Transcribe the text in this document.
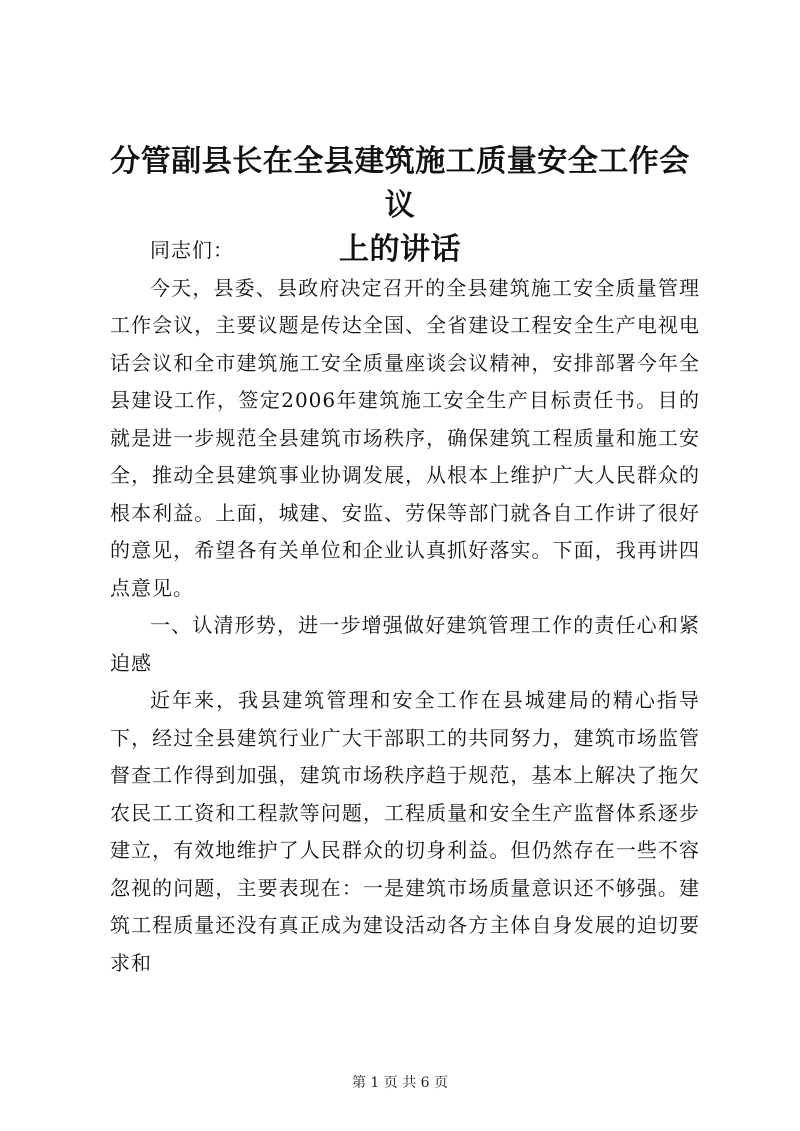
分管副县长在全县建筑施工质量安全工作会议
上的讲话

同志们：

今天，县委、县政府决定召开的全县建筑施工安全质量管理工作会议，主要议题是传达全国、全省建设工程安全生产电视电话会议和全市建筑施工安全质量座谈会议精神，安排部署今年全县建设工作，签定2006年建筑施工安全生产目标责任书。目的就是进一步规范全县建筑市场秩序，确保建筑工程质量和施工安全，推动全县建筑事业协调发展，从根本上维护广大人民群众的根本利益。上面，城建、安监、劳保等部门就各自工作讲了很好的意见，希望各有关单位和企业认真抓好落实。下面，我再讲四点意见。

一、认清形势，进一步增强做好建筑管理工作的责任心和紧迫感

近年来，我县建筑管理和安全工作在县城建局的精心指导下，经过全县建筑行业广大干部职工的共同努力，建筑市场监管督查工作得到加强，建筑市场秩序趋于规范，基本上解决了拖欠农民工工资和工程款等问题，工程质量和安全生产监督体系逐步建立，有效地维护了人民群众的切身利益。但仍然存在一些不容忽视的问题，主要表现在：一是建筑市场质量意识还不够强。建筑工程质量还没有真正成为建设活动各方主体自身发展的迫切要求和

第 1 页 共 6 页
